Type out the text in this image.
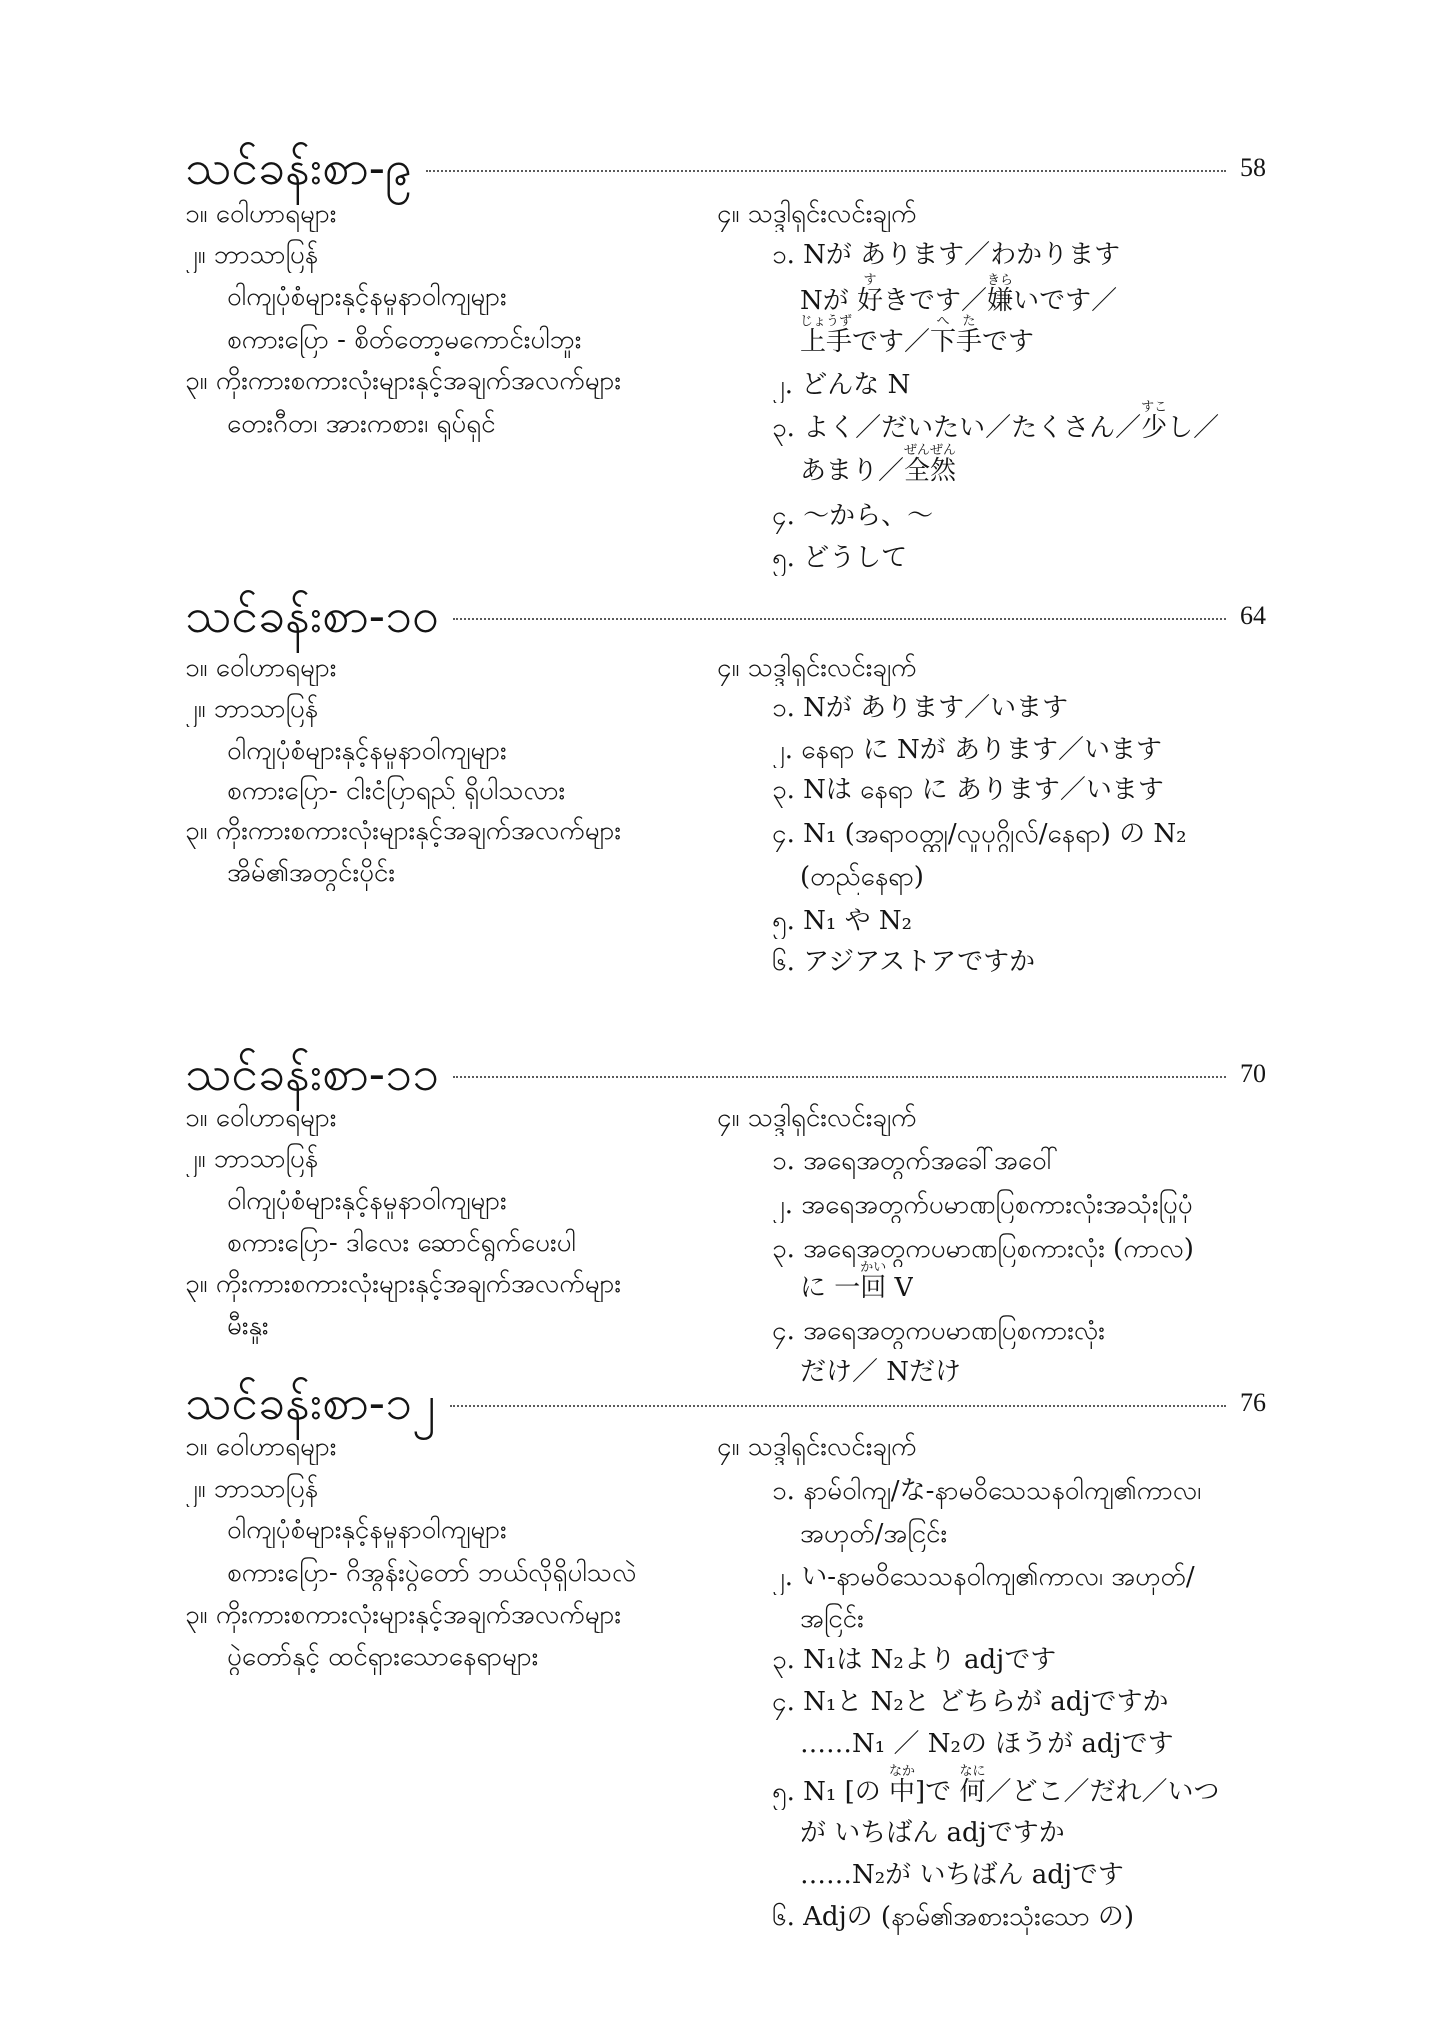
သင်ခန်းစာ-၉	58
၁။ ဝေါဟာရများ
၂။ ဘာသာပြန်
ဝါကျပုံစံများနှင့်နမူနာဝါကျများ
စကားပြော - စိတ်တော့မကောင်းပါဘူး
၃။ ကိုးကားစကားလုံးများနှင့်အချက်အလက်များ
တေးဂီတ၊ အားကစား၊ ရုပ်ရှင်
၄။ သဒ္ဒါရှင်းလင်းချက်
၁. Nが あります／わかります
Nが 好すきです／嫌きらいです／
上手じょうずです／下手へたです
၂. どんな N
၃. よく／だいたい／たくさん／少すこし／
あまり／全然ぜんぜん
၄. ～から、～
၅. どうして
သင်ခန်းစာ-၁၀	64
၁။ ဝေါဟာရများ
၂။ ဘာသာပြန်
ဝါကျပုံစံများနှင့်နမူနာဝါကျများ
စကားပြော- ငါးငံပြာရည် ရှိပါသလား
၃။ ကိုးကားစကားလုံးများနှင့်အချက်အလက်များ
အိမ်၏အတွင်းပိုင်း
၄။ သဒ္ဒါရှင်းလင်းချက်
၁. Nが あります／います
၂. နေရာ に Nが あります／います
၃. Nは နေရာ に あります／います
၄. N₁ (အရာဝတ္ထု/လူပုဂ္ဂိုလ်/နေရာ) の N₂
(တည်နေရာ)
၅. N₁ や N₂
၆. アジアストアですか
သင်ခန်းစာ-၁၁	70
၁။ ဝေါဟာရများ
၂။ ဘာသာပြန်
ဝါကျပုံစံများနှင့်နမူနာဝါကျများ
စကားပြော- ဒါလေး ဆောင်ရွက်ပေးပါ
၃။ ကိုးကားစကားလုံးများနှင့်အချက်အလက်များ
မီးနူး
၄။ သဒ္ဒါရှင်းလင်းချက်
၁. အရေအတွက်အခေါ်အဝေါ်
၂. အရေအတွက်ပမာဏပြစကားလုံးအသုံးပြုပုံ
၃. အရေအတွကပမာဏပြစကားလုံး (ကာလ)
に 一回かい V
၄. အရေအတွကပမာဏပြစကားလုံး
だけ／ Nだけ
သင်ခန်းစာ-၁၂	76
၁။ ဝေါဟာရများ
၂။ ဘာသာပြန်
ဝါကျပုံစံများနှင့်နမူနာဝါကျများ
စကားပြော- ဂိအွန်းပွဲတော် ဘယ်လိုရှိပါသလဲ
၃။ ကိုးကားစကားလုံးများနှင့်အချက်အလက်များ
ပွဲတော်နှင့် ထင်ရှားသောနေရာများ
၄။ သဒ္ဒါရှင်းလင်းချက်
၁. နာမ်ဝါကျ/な-နာမဝိသေသနဝါကျ၏ကာလ၊
အဟုတ်/အငြင်း
၂. い-နာမဝိသေသနဝါကျ၏ကာလ၊ အဟုတ်/
အငြင်း
၃. N₁は N₂より adjです
၄. N₁と N₂と どちらが adjですか
……N₁ ／ N₂の ほうが adjです
၅. N₁ [の 中なか]で 何なに／どこ／だれ／いつ
が いちばん adjですか
……N₂が いちばん adjです
၆. Adjの (နာမ်၏အစားသုံးသော の)
